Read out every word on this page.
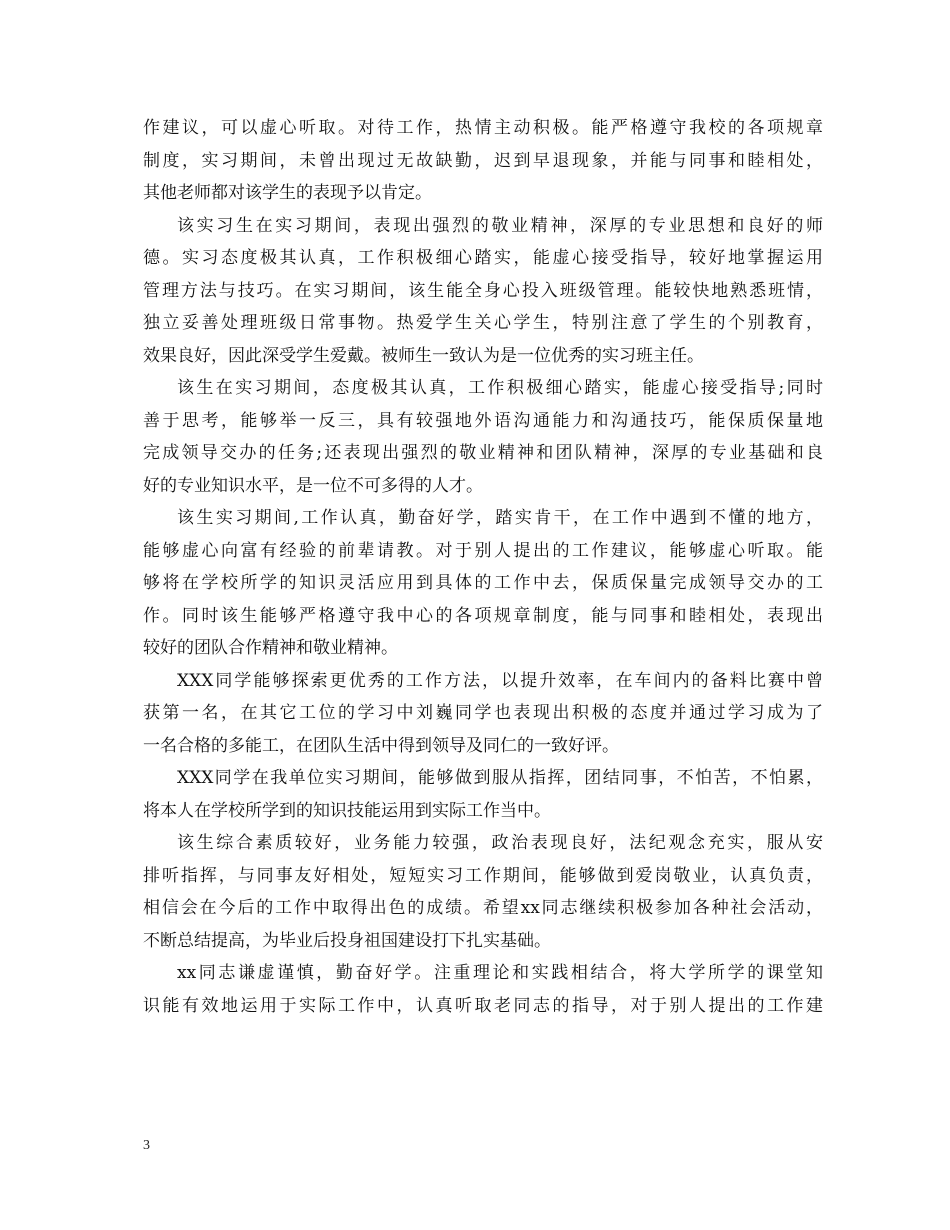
作建议，可以虚心听取。对待工作，热情主动积极。能严格遵守我校的各项规章
制度，实习期间，未曾出现过无故缺勤，迟到早退现象，并能与同事和睦相处，
其他老师都对该学生的表现予以肯定。
该实习生在实习期间，表现出强烈的敬业精神，深厚的专业思想和良好的师
德。实习态度极其认真，工作积极细心踏实，能虚心接受指导，较好地掌握运用
管理方法与技巧。在实习期间，该生能全身心投入班级管理。能较快地熟悉班情，
独立妥善处理班级日常事物。热爱学生关心学生，特别注意了学生的个别教育，
效果良好，因此深受学生爱戴。被师生一致认为是一位优秀的实习班主任。
该生在实习期间，态度极其认真，工作积极细心踏实，能虚心接受指导;同时
善于思考，能够举一反三，具有较强地外语沟通能力和沟通技巧，能保质保量地
完成领导交办的任务;还表现出强烈的敬业精神和团队精神，深厚的专业基础和良
好的专业知识水平，是一位不可多得的人才。
该生实习期间,工作认真，勤奋好学，踏实肯干，在工作中遇到不懂的地方，
能够虚心向富有经验的前辈请教。对于别人提出的工作建议，能够虚心听取。能
够将在学校所学的知识灵活应用到具体的工作中去，保质保量完成领导交办的工
作。同时该生能够严格遵守我中心的各项规章制度，能与同事和睦相处，表现出
较好的团队合作精神和敬业精神。
XXX同学能够探索更优秀的工作方法，以提升效率，在车间内的备料比赛中曾
获第一名，在其它工位的学习中刘巍同学也表现出积极的态度并通过学习成为了
一名合格的多能工，在团队生活中得到领导及同仁的一致好评。
XXX同学在我单位实习期间，能够做到服从指挥，团结同事，不怕苦，不怕累，
将本人在学校所学到的知识技能运用到实际工作当中。
该生综合素质较好，业务能力较强，政治表现良好，法纪观念充实，服从安
排听指挥，与同事友好相处，短短实习工作期间，能够做到爱岗敬业，认真负责，
相信会在今后的工作中取得出色的成绩。希望xx同志继续积极参加各种社会活动，
不断总结提高，为毕业后投身祖国建设打下扎实基础。
xx同志谦虚谨慎，勤奋好学。注重理论和实践相结合，将大学所学的课堂知
识能有效地运用于实际工作中，认真听取老同志的指导，对于别人提出的工作建
3
